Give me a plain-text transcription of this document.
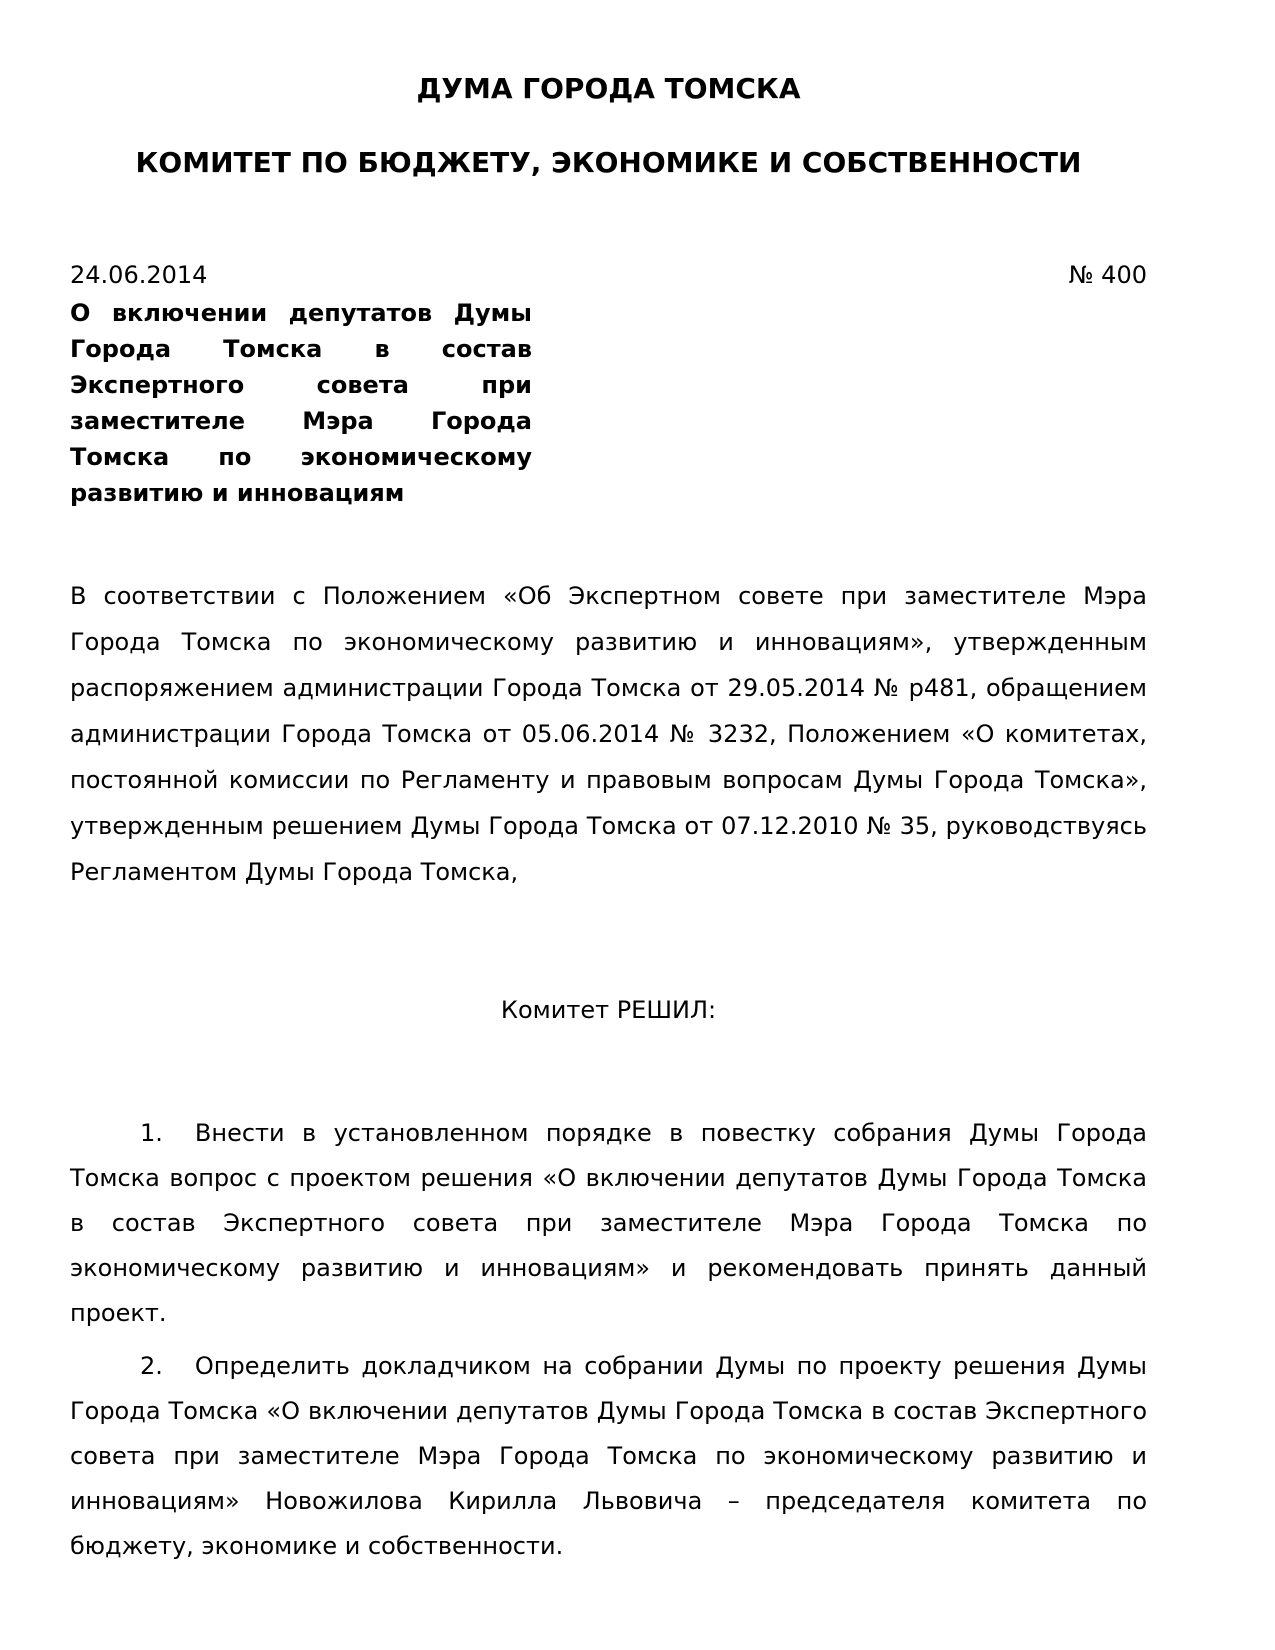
ДУМА ГОРОДА ТОМСКА
КОМИТЕТ ПО БЮДЖЕТУ, ЭКОНОМИКЕ И СОБСТВЕННОСТИ
24.06.2014	№ 400

О включении депутатов Думы Города Томска в состав Экспертного совета при заместителе Мэра Города Томска по экономическому развитию и инновациям

В соответствии с Положением «Об Экспертном совете при заместителе Мэра Города Томска по экономическому развитию и инновациям», утвержденным распоряжением администрации Города Томска от 29.05.2014 № р481, обращением администрации Города Томска от 05.06.2014 № 3232, Положением «О комитетах, постоянной комиссии по Регламенту и правовым вопросам Думы Города Томска», утвержденным решением Думы Города Томска от 07.12.2010 № 35, руководствуясь Регламентом Думы Города Томска,

Комитет РЕШИЛ:

1. Внести в установленном порядке в повестку собрания Думы Города Томска вопрос с проектом решения «О включении депутатов Думы Города Томска в состав Экспертного совета при заместителе Мэра Города Томска по экономическому развитию и инновациям» и рекомендовать принять данный проект.

2. Определить докладчиком на собрании Думы по проекту решения Думы Города Томска «О включении депутатов Думы Города Томска в состав Экспертного совета при заместителе Мэра Города Томска по экономическому развитию и инновациям» Новожилова Кирилла Львовича – председателя комитета по бюджету, экономике и собственности.
